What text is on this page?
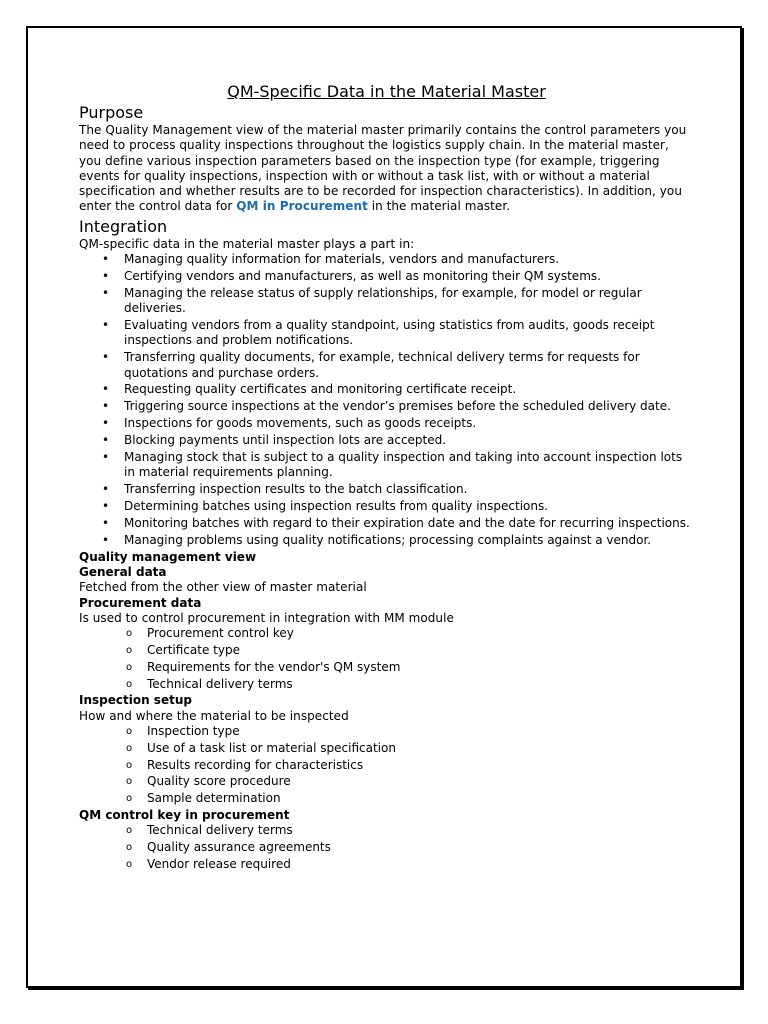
QM-Specific Data in the Material Master
Purpose

The Quality Management view of the material master primarily contains the control parameters you need to process quality inspections throughout the logistics supply chain. In the material master, you define various inspection parameters based on the inspection type (for example, triggering events for quality inspections, inspection with or without a task list, with or without a material specification and whether results are to be recorded for inspection characteristics). In addition, you enter the control data for QM in Procurement in the material master.

Integration

QM-specific data in the material master plays a part in:

• Managing quality information for materials, vendors and manufacturers.
• Certifying vendors and manufacturers, as well as monitoring their QM systems.
• Managing the release status of supply relationships, for example, for model or regular deliveries.
• Evaluating vendors from a quality standpoint, using statistics from audits, goods receipt inspections and problem notifications.
• Transferring quality documents, for example, technical delivery terms for requests for quotations and purchase orders.
• Requesting quality certificates and monitoring certificate receipt.
• Triggering source inspections at the vendor’s premises before the scheduled delivery date.
• Inspections for goods movements, such as goods receipts.
• Blocking payments until inspection lots are accepted.
• Managing stock that is subject to a quality inspection and taking into account inspection lots in material requirements planning.
• Transferring inspection results to the batch classification.
• Determining batches using inspection results from quality inspections.
• Monitoring batches with regard to their expiration date and the date for recurring inspections.
• Managing problems using quality notifications; processing complaints against a vendor.
Quality management view
General data
Fetched from the other view of master material
Procurement data
Is used to control procurement in integration with MM module
o Procurement control key
o Certificate type
o Requirements for the vendor's QM system
o Technical delivery terms
Inspection setup
How and where the material to be inspected
o Inspection type
o Use of a task list or material specification
o Results recording for characteristics
o Quality score procedure
o Sample determination
QM control key in procurement
o Technical delivery terms
o Quality assurance agreements
o Vendor release required
